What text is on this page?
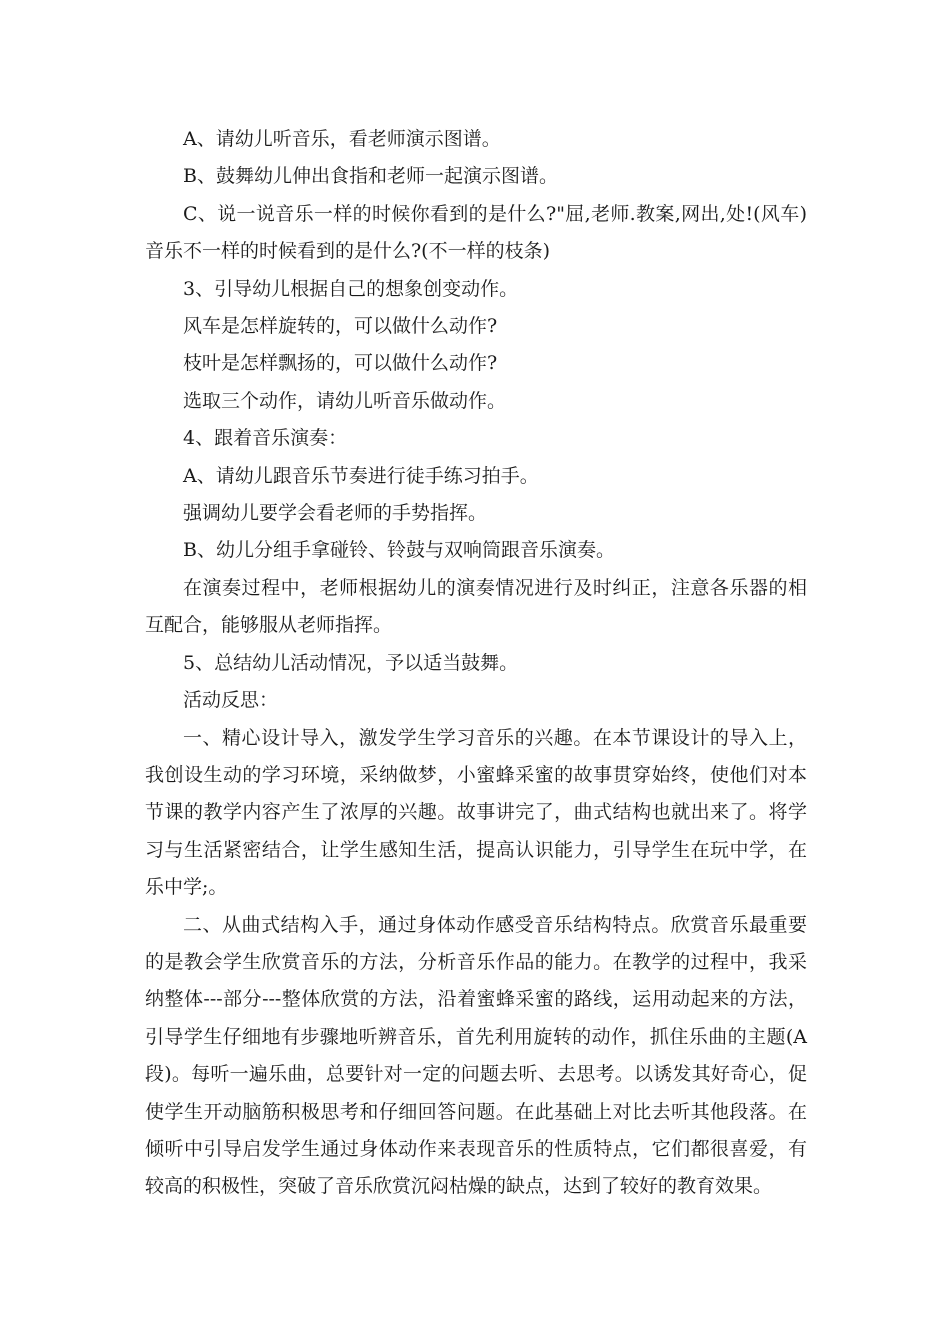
A、请幼儿听音乐，看老师演示图谱。

B、鼓舞幼儿伸出食指和老师一起演示图谱。

C、说一说音乐一样的时候你看到的是什么?"屈,老师.教案,网出,处!(风车)音乐不一样的时候看到的是什么?(不一样的枝条)

3、引导幼儿根据自己的想象创变动作。

风车是怎样旋转的，可以做什么动作?

枝叶是怎样飘扬的，可以做什么动作?

选取三个动作，请幼儿听音乐做动作。

4、跟着音乐演奏：

A、请幼儿跟音乐节奏进行徒手练习拍手。

强调幼儿要学会看老师的手势指挥。

B、幼儿分组手拿碰铃、铃鼓与双响筒跟音乐演奏。

在演奏过程中，老师根据幼儿的演奏情况进行及时纠正，注意各乐器的相互配合，能够服从老师指挥。

5、总结幼儿活动情况，予以适当鼓舞。

活动反思：

一、精心设计导入，激发学生学习音乐的兴趣。在本节课设计的导入上，我创设生动的学习环境，采纳做梦，小蜜蜂采蜜的故事贯穿始终，使他们对本节课的教学内容产生了浓厚的兴趣。故事讲完了，曲式结构也就出来了。将学习与生活紧密结合，让学生感知生活，提高认识能力，引导学生在玩中学，在乐中学;。

二、从曲式结构入手，通过身体动作感受音乐结构特点。欣赏音乐最重要的是教会学生欣赏音乐的方法，分析音乐作品的能力。在教学的过程中，我采纳整体---部分---整体欣赏的方法，沿着蜜蜂采蜜的路线，运用动起来的方法，引导学生仔细地有步骤地听辨音乐，首先利用旋转的动作，抓住乐曲的主题(A段)。每听一遍乐曲，总要针对一定的问题去听、去思考。以诱发其好奇心，促使学生开动脑筋积极思考和仔细回答问题。在此基础上对比去听其他段落。在倾听中引导启发学生通过身体动作来表现音乐的性质特点，它们都很喜爱，有较高的积极性，突破了音乐欣赏沉闷枯燥的缺点，达到了较好的教育效果。
